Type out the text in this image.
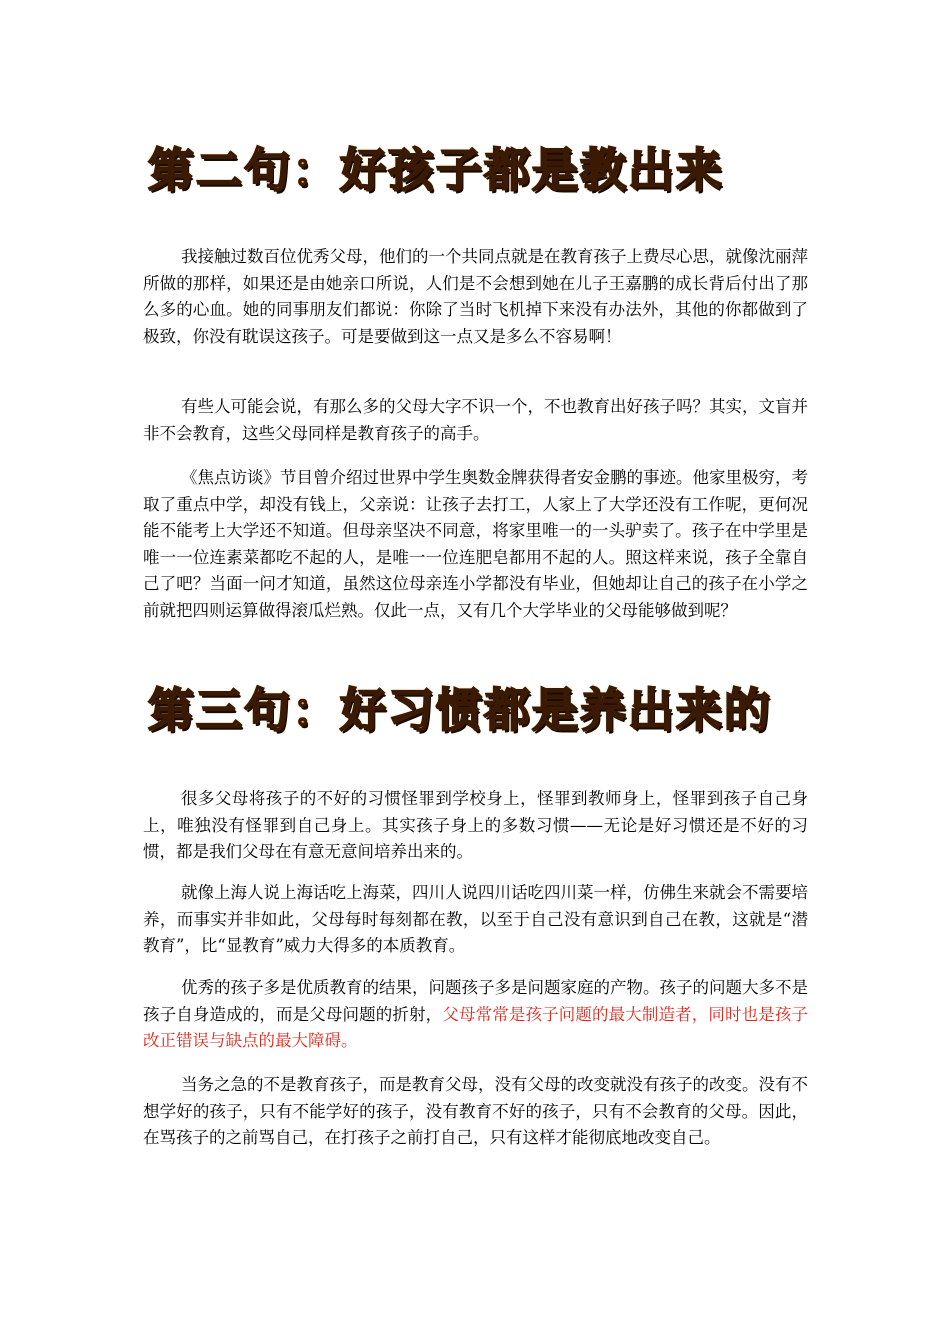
第二句：好孩子都是教出来

我接触过数百位优秀父母，他们的一个共同点就是在教育孩子上费尽心思，就像沈丽萍所做的那样，如果还是由她亲口所说，人们是不会想到她在儿子王嘉鹏的成长背后付出了那么多的心血。她的同事朋友们都说：你除了当时飞机掉下来没有办法外，其他的你都做到了极致，你没有耽误这孩子。可是要做到这一点又是多么不容易啊！

有些人可能会说，有那么多的父母大字不识一个，不也教育出好孩子吗？其实，文盲并非不会教育，这些父母同样是教育孩子的高手。

《焦点访谈》节目曾介绍过世界中学生奥数金牌获得者安金鹏的事迹。他家里极穷，考取了重点中学，却没有钱上，父亲说：让孩子去打工，人家上了大学还没有工作呢，更何况能不能考上大学还不知道。但母亲坚决不同意，将家里唯一的一头驴卖了。孩子在中学里是唯一一位连素菜都吃不起的人，是唯一一位连肥皂都用不起的人。照这样来说，孩子全靠自己了吧？当面一问才知道，虽然这位母亲连小学都没有毕业，但她却让自己的孩子在小学之前就把四则运算做得滚瓜烂熟。仅此一点，又有几个大学毕业的父母能够做到呢？

第三句：好习惯都是养出来的

很多父母将孩子的不好的习惯怪罪到学校身上，怪罪到教师身上，怪罪到孩子自己身上，唯独没有怪罪到自己身上。其实孩子身上的多数习惯——无论是好习惯还是不好的习惯，都是我们父母在有意无意间培养出来的。

就像上海人说上海话吃上海菜，四川人说四川话吃四川菜一样，仿佛生来就会不需要培养，而事实并非如此，父母每时每刻都在教，以至于自己没有意识到自己在教，这就是“潜教育”，比“显教育”威力大得多的本质教育。

优秀的孩子多是优质教育的结果，问题孩子多是问题家庭的产物。孩子的问题大多不是孩子自身造成的，而是父母问题的折射，父母常常是孩子问题的最大制造者，同时也是孩子改正错误与缺点的最大障碍。

当务之急的不是教育孩子，而是教育父母，没有父母的改变就没有孩子的改变。没有不想学好的孩子，只有不能学好的孩子，没有教育不好的孩子，只有不会教育的父母。因此，在骂孩子的之前骂自己，在打孩子之前打自己，只有这样才能彻底地改变自己。
